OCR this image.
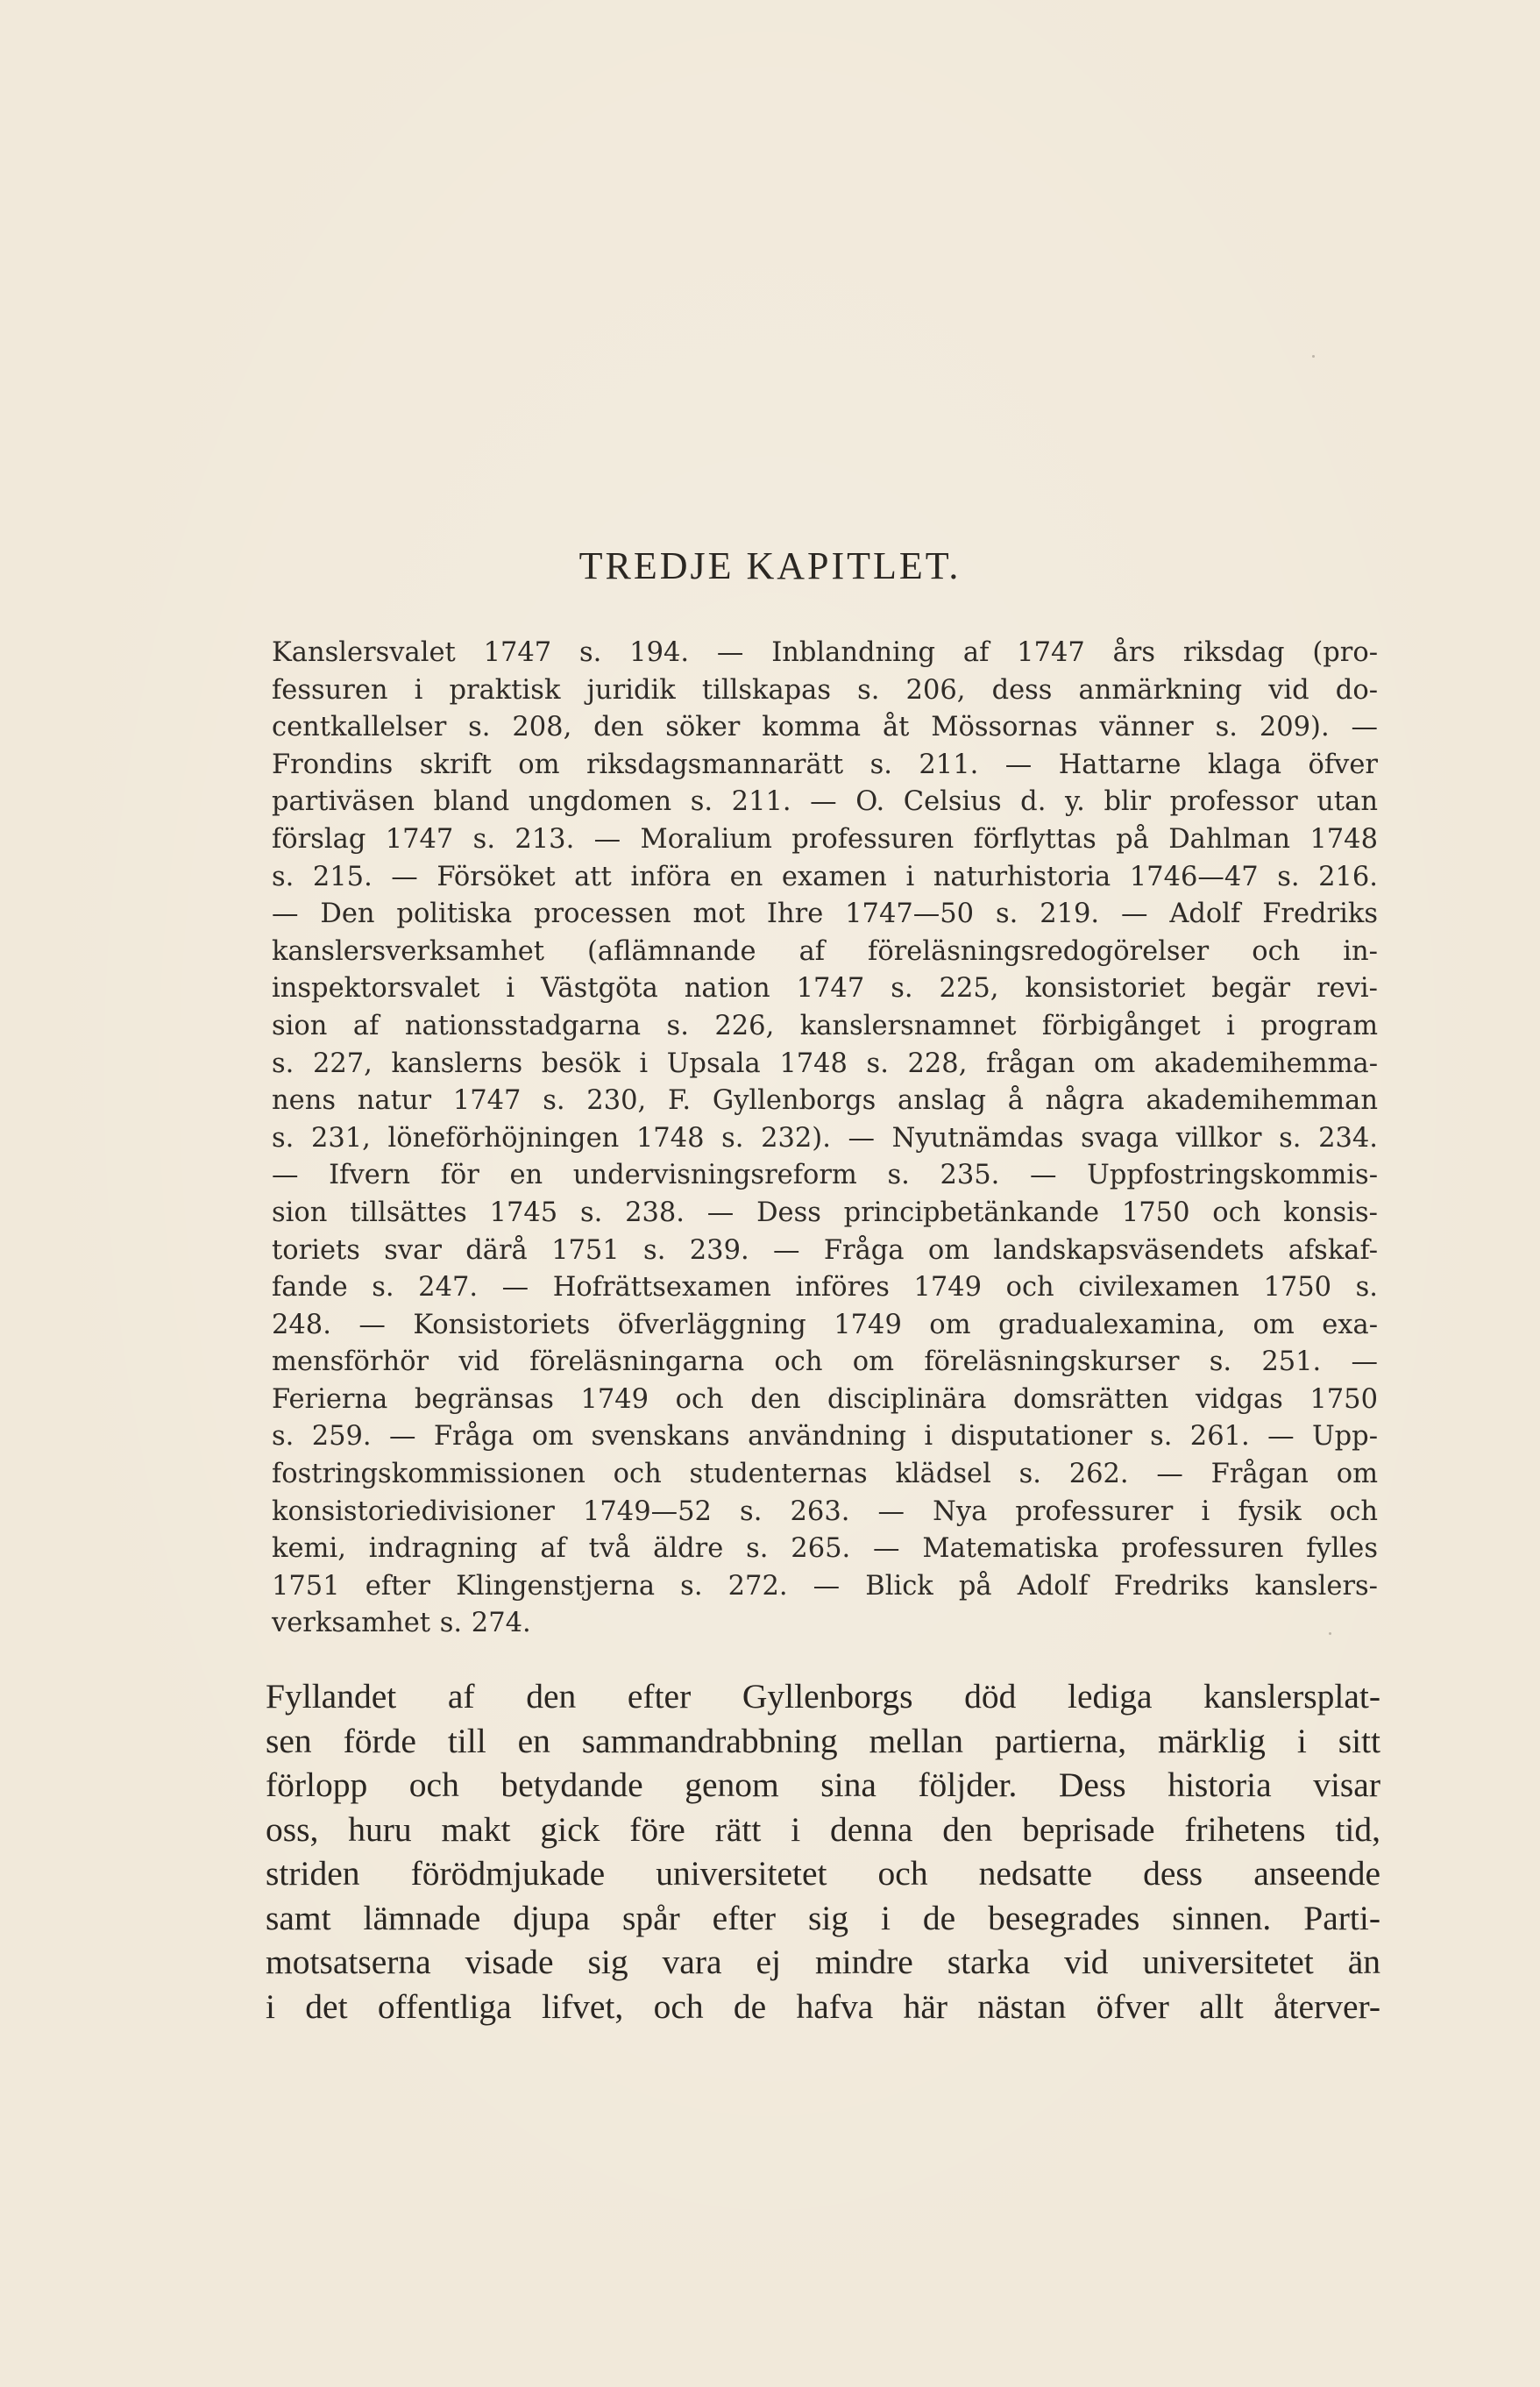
TREDJE KAPITLET.
Kanslersvalet 1747 s. 194. — Inblandning af 1747 års riksdag (pro-
fessuren i praktisk juridik tillskapas s. 206, dess anmärkning vid do-
centkallelser s. 208, den söker komma åt Mössornas vänner s. 209). —
Frondins skrift om riksdagsmannarätt s. 211. — Hattarne klaga öfver
partiväsen bland ungdomen s. 211. — O. Celsius d. y. blir professor utan
förslag 1747 s. 213. — Moralium professuren förflyttas på Dahlman 1748
s. 215. — Försöket att införa en examen i naturhistoria 1746—47 s. 216.
— Den politiska processen mot Ihre 1747—50 s. 219. — Adolf Fredriks
kanslersverksamhet (aflämnande af föreläsningsredogörelser och in-
inspektorsvalet i Västgöta nation 1747 s. 225, konsistoriet begär revi-
sion af nationsstadgarna s. 226, kanslersnamnet förbigånget i program
s. 227, kanslerns besök i Upsala 1748 s. 228, frågan om akademihemma-
nens natur 1747 s. 230, F. Gyllenborgs anslag å några akademihemman
s. 231, löneförhöjningen 1748 s. 232). — Nyutnämdas svaga villkor s. 234.
— Ifvern för en undervisningsreform s. 235. — Uppfostringskommis-
sion tillsättes 1745 s. 238. — Dess principbetänkande 1750 och konsis-
toriets svar därå 1751 s. 239. — Fråga om landskapsväsendets afskaf-
fande s. 247. — Hofrättsexamen införes 1749 och civilexamen 1750 s.
248. — Konsistoriets öfverläggning 1749 om gradualexamina, om exa-
mensförhör vid föreläsningarna och om föreläsningskurser s. 251. —
Ferierna begränsas 1749 och den disciplinära domsrätten vidgas 1750
s. 259. — Fråga om svenskans användning i disputationer s. 261. — Upp-
fostringskommissionen och studenternas klädsel s. 262. — Frågan om
konsistoriedivisioner 1749—52 s. 263. — Nya professurer i fysik och
kemi, indragning af två äldre s. 265. — Matematiska professuren fylles
1751 efter Klingenstjerna s. 272. — Blick på Adolf Fredriks kanslers-
verksamhet s. 274.
Fyllandet af den efter Gyllenborgs död lediga kanslersplat-
sen förde till en sammandrabbning mellan partierna, märklig i sitt
förlopp och betydande genom sina följder. Dess historia visar
oss, huru makt gick före rätt i denna den beprisade frihetens tid,
striden förödmjukade universitetet och nedsatte dess anseende
samt lämnade djupa spår efter sig i de besegrades sinnen. Parti-
motsatserna visade sig vara ej mindre starka vid universitetet än
i det offentliga lifvet, och de hafva här nästan öfver allt återver-
